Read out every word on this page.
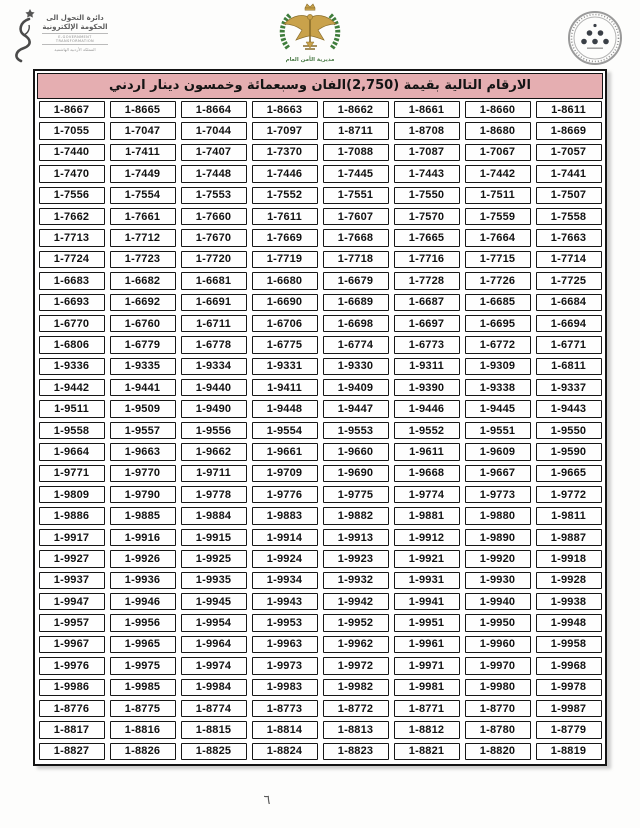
دائرة التحول الى
الحكومة الإلكترونية
E-GOVERNMENT TRANSFORMATION
المملكة الأردنية الهاشمية
مديرية الأمن العام
الارقام التالية بقيمة (2,750)الفان وسبعمائة وخمسون دينار اردني
1-8667	1-8665	1-8664	1-8663	1-8662	1-8661	1-8660	1-8611
1-7055	1-7047	1-7044	1-7097	1-8711	1-8708	1-8680	1-8669
1-7440	1-7411	1-7407	1-7370	1-7088	1-7087	1-7067	1-7057
1-7470	1-7449	1-7448	1-7446	1-7445	1-7443	1-7442	1-7441
1-7556	1-7554	1-7553	1-7552	1-7551	1-7550	1-7511	1-7507
1-7662	1-7661	1-7660	1-7611	1-7607	1-7570	1-7559	1-7558
1-7713	1-7712	1-7670	1-7669	1-7668	1-7665	1-7664	1-7663
1-7724	1-7723	1-7720	1-7719	1-7718	1-7716	1-7715	1-7714
1-6683	1-6682	1-6681	1-6680	1-6679	1-7728	1-7726	1-7725
1-6693	1-6692	1-6691	1-6690	1-6689	1-6687	1-6685	1-6684
1-6770	1-6760	1-6711	1-6706	1-6698	1-6697	1-6695	1-6694
1-6806	1-6779	1-6778	1-6775	1-6774	1-6773	1-6772	1-6771
1-9336	1-9335	1-9334	1-9331	1-9330	1-9311	1-9309	1-6811
1-9442	1-9441	1-9440	1-9411	1-9409	1-9390	1-9338	1-9337
1-9511	1-9509	1-9490	1-9448	1-9447	1-9446	1-9445	1-9443
1-9558	1-9557	1-9556	1-9554	1-9553	1-9552	1-9551	1-9550
1-9664	1-9663	1-9662	1-9661	1-9660	1-9611	1-9609	1-9590
1-9771	1-9770	1-9711	1-9709	1-9690	1-9668	1-9667	1-9665
1-9809	1-9790	1-9778	1-9776	1-9775	1-9774	1-9773	1-9772
1-9886	1-9885	1-9884	1-9883	1-9882	1-9881	1-9880	1-9811
1-9917	1-9916	1-9915	1-9914	1-9913	1-9912	1-9890	1-9887
1-9927	1-9926	1-9925	1-9924	1-9923	1-9921	1-9920	1-9918
1-9937	1-9936	1-9935	1-9934	1-9932	1-9931	1-9930	1-9928
1-9947	1-9946	1-9945	1-9943	1-9942	1-9941	1-9940	1-9938
1-9957	1-9956	1-9954	1-9953	1-9952	1-9951	1-9950	1-9948
1-9967	1-9965	1-9964	1-9963	1-9962	1-9961	1-9960	1-9958
1-9976	1-9975	1-9974	1-9973	1-9972	1-9971	1-9970	1-9968
1-9986	1-9985	1-9984	1-9983	1-9982	1-9981	1-9980	1-9978
1-8776	1-8775	1-8774	1-8773	1-8772	1-8771	1-8770	1-9987
1-8817	1-8816	1-8815	1-8814	1-8813	1-8812	1-8780	1-8779
1-8827	1-8826	1-8825	1-8824	1-8823	1-8821	1-8820	1-8819
٦
